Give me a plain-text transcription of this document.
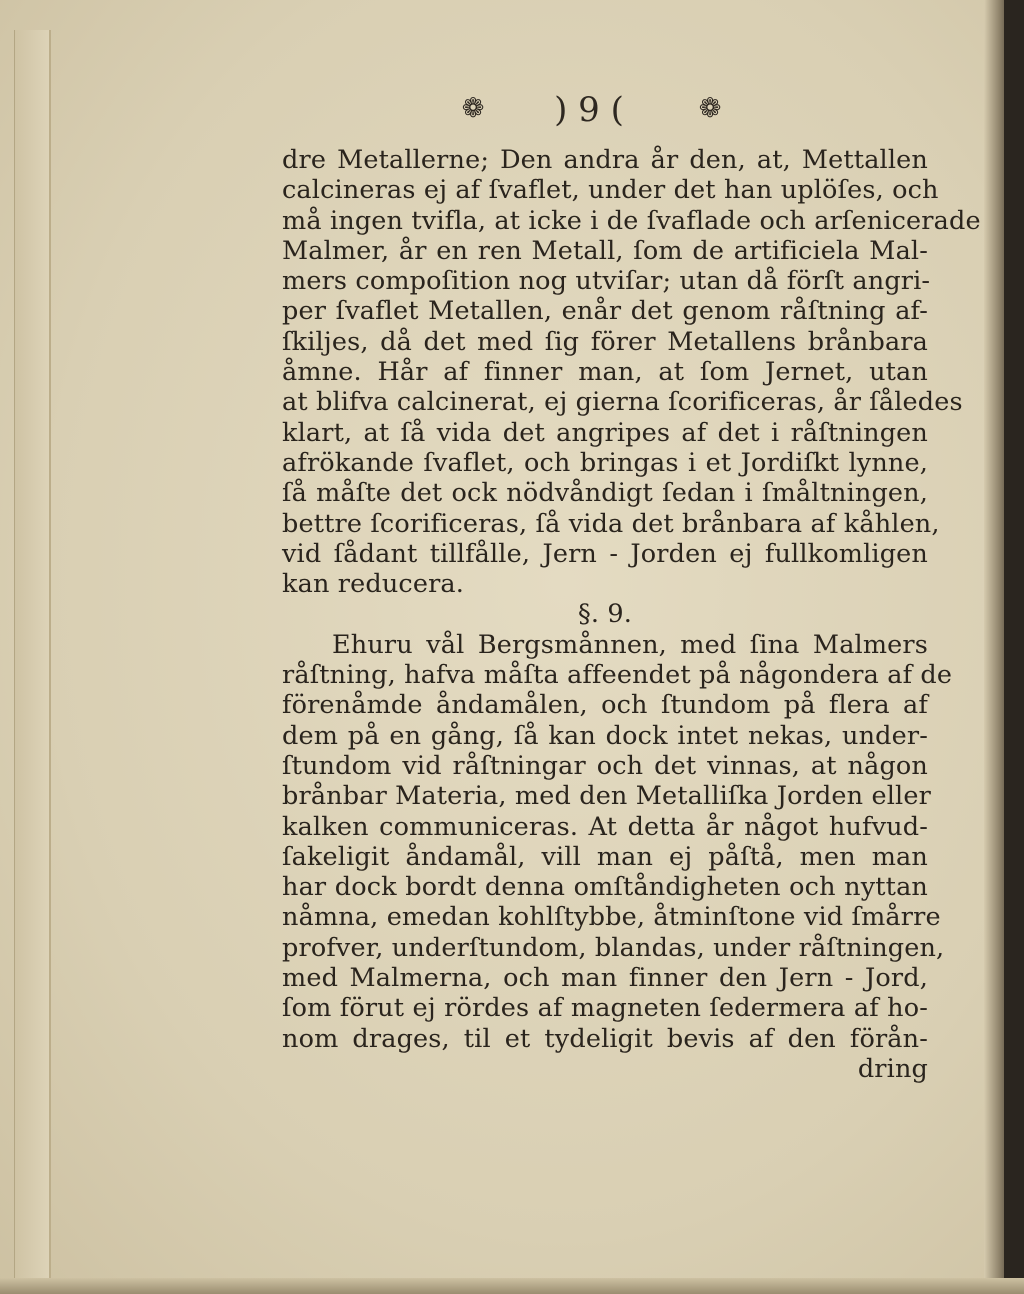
❁	) 9 (	❁
dre Metallerne; Den andra år den, at, Mettallen
calcineras ej af ſvaflet, under det han uplöſes, och
må ingen tvifla, at icke i de ſvaflade och arſenicerade
Malmer, år en ren Metall, ſom de artificiela Mal-
mers compoſition nog utviſar; utan då förſt angri-
per ſvaflet Metallen, enår det genom råſtning af-
ſkiljes, då det med ſig förer Metallens brånbara
åmne. Hår af finner man, at ſom Jernet, utan
at blifva calcinerat, ej gierna ſcorificeras, år ſåledes
klart, at ſå vida det angripes af det i råſtningen
afrökande ſvaflet, och bringas i et Jordiſkt lynne,
ſå måſte det ock nödvåndigt ſedan i ſmåltningen,
bettre ſcorificeras, ſå vida det brånbara af kåhlen,
vid ſådant tillfålle, Jern - Jorden ej fullkomligen
kan reducera.
§. 9.
Ehuru vål Bergsmånnen, med ſina Malmers
råſtning, hafva måſta affeendet på någondera af de
förenåmde åndamålen, och ſtundom på flera af
dem på en gång, ſå kan dock intet nekas, under-
ſtundom vid råſtningar och det vinnas, at någon
brånbar Materia, med den Metalliſka Jorden eller
kalken communiceras. At detta år något hufvud-
ſakeligit åndamål, vill man ej påſtå, men man
har dock bordt denna omſtåndigheten och nyttan
nåmna, emedan kohlſtybbe, åtminſtone vid ſmårre
profver, underſtundom, blandas, under råſtningen,
med Malmerna, och man finner den Jern - Jord,
ſom förut ej rördes af magneten ſedermera af ho-
nom drages, til et tydeligit bevis af den förån-
dring
